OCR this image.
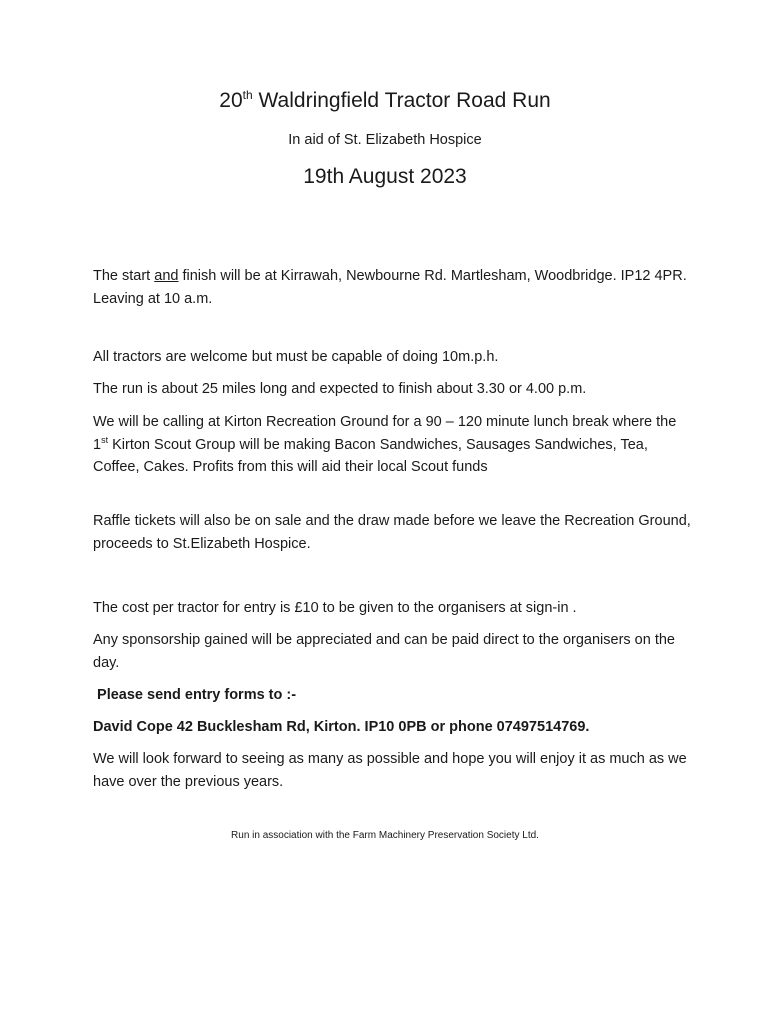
20th Waldringfield Tractor Road Run
In aid of St. Elizabeth Hospice
19th August 2023

The start and finish will be at Kirrawah, Newbourne Rd. Martlesham, Woodbridge. IP12 4PR. Leaving at 10 a.m.

All tractors are welcome but must be capable of doing 10m.p.h.

The run is about 25 miles long and expected to finish about 3.30 or 4.00 p.m.

We will be calling at Kirton Recreation Ground for a 90 – 120 minute lunch break where the 1st Kirton Scout Group will be making Bacon Sandwiches, Sausages Sandwiches, Tea, Coffee, Cakes. Profits from this will aid their local Scout funds

Raffle tickets will also be on sale and the draw made before we leave the Recreation Ground, proceeds to St.Elizabeth Hospice.

The cost per tractor for entry is £10 to be given to the organisers at sign-in .

Any sponsorship gained will be appreciated and can be paid direct to the organisers on the day.

Please send entry forms to :-

David Cope 42 Bucklesham Rd, Kirton. IP10 0PB or phone 07497514769.

We will look forward to seeing as many as possible and hope you will enjoy it as much as we have over the previous years.

Run in association with the Farm Machinery Preservation Society Ltd.
